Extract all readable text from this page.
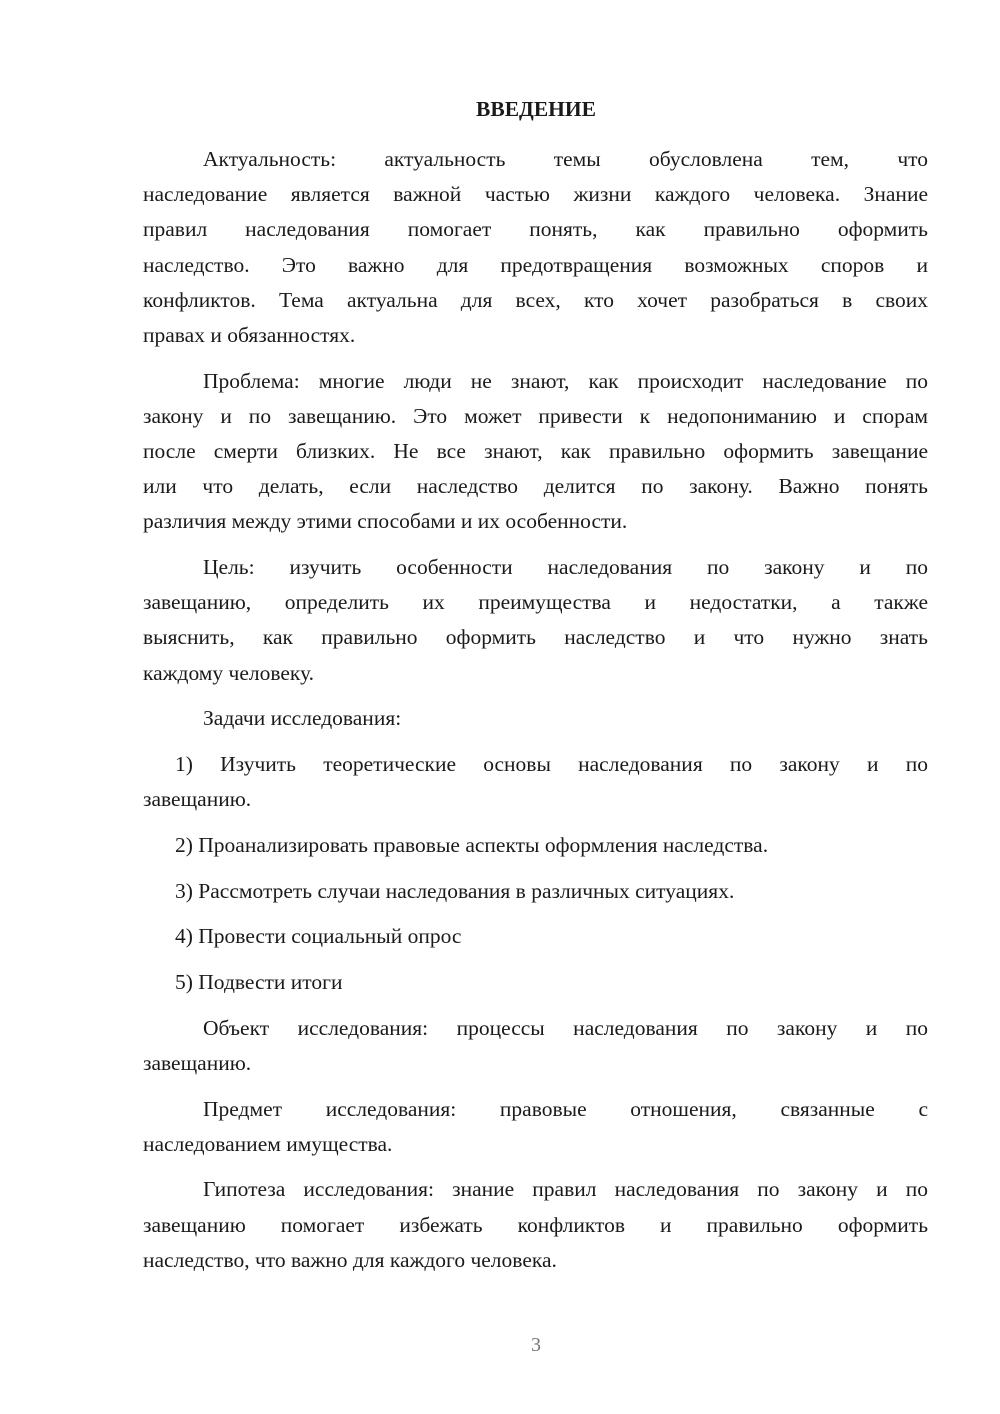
ВВЕДЕНИЕ
Актуальность: актуальность темы обусловлена тем, что
наследование является важной частью жизни каждого человека. Знание
правил наследования помогает понять, как правильно оформить
наследство. Это важно для предотвращения возможных споров и
конфликтов. Тема актуальна для всех, кто хочет разобраться в своих
правах и обязанностях.
Проблема: многие люди не знают, как происходит наследование по
закону и по завещанию. Это может привести к недопониманию и спорам
после смерти близких. Не все знают, как правильно оформить завещание
или что делать, если наследство делится по закону. Важно понять
различия между этими способами и их особенности.
Цель: изучить особенности наследования по закону и по
завещанию, определить их преимущества и недостатки, а также
выяснить, как правильно оформить наследство и что нужно знать
каждому человеку.
Задачи исследования:
1) Изучить теоретические основы наследования по закону и по
завещанию.
2) Проанализировать правовые аспекты оформления наследства.
3) Рассмотреть случаи наследования в различных ситуациях.
4) Провести социальный опрос
5) Подвести итоги
Объект исследования: процессы наследования по закону и по
завещанию.
Предмет исследования: правовые отношения, связанные с
наследованием имущества.
Гипотеза исследования: знание правил наследования по закону и по
завещанию помогает избежать конфликтов и правильно оформить
наследство, что важно для каждого человека.
3
